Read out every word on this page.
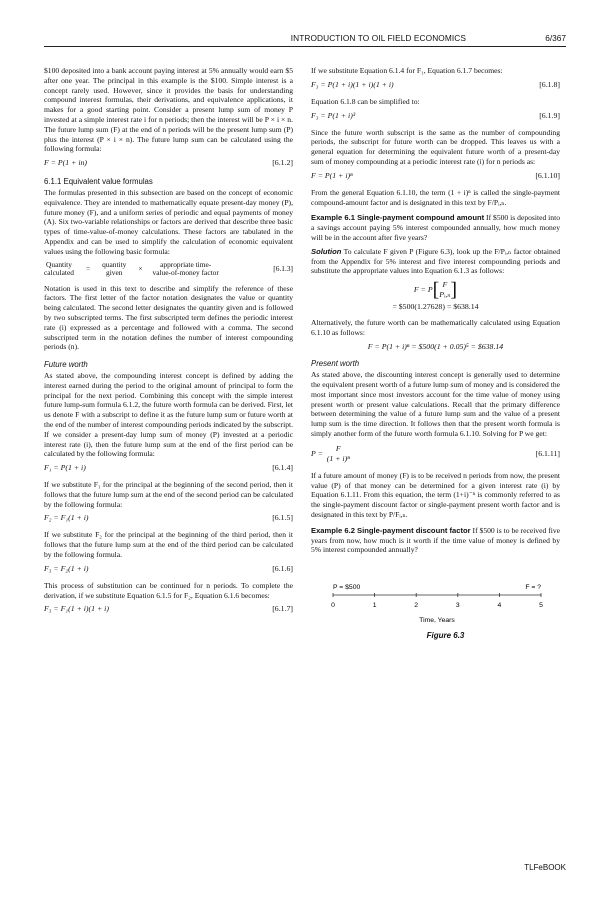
INTRODUCTION TO OIL FIELD ECONOMICS	6/367

$100 deposited into a bank account paying interest at 5% annually would earn $5 after one year. The principal in this example is the $100. Simple interest is a concept rarely used. However, since it provides the basis for understanding compound interest formulas, their derivations, and equivalence applications, it makes for a good starting point. Consider a present lump sum of money P invested at a simple interest rate i for n periods; then the interest will be P × i × n. The future lump sum (F) at the end of n periods will be the present lump sum (P) plus the interest (P × i × n). The future lump sum can be calculated using the following formula:

F = P(1 + in)	[6.1.2]
6.1.1 Equivalent value formulas

The formulas presented in this subsection are based on the concept of economic equivalence. They are intended to mathematically equate present-day money (P), future money (F), and a uniform series of periodic and equal payments of money (A). Six two-variable relationships or factors are derived that describe three basic types of time-value-of-money calculations. These factors are tabulated in the Appendix and can be used to simplify the calculation of economic equivalent values using the following basic formula:

Quantity
calculated = quantity
given × appropriate time-
value-of-money factor	[6.1.3]

Notation is used in this text to describe and simplify the reference of these factors. The first letter of the factor notation designates the value or quantity being calculated. The second letter designates the quantity given and is followed by two subscripted terms. The first subscripted term defines the periodic interest rate (i) expressed as a percentage and followed with a comma. The second subscripted term in the notation defines the number of interest compounding periods (n).

Future worth

As stated above, the compounding interest concept is defined by adding the interest earned during the period to the original amount of principal to form the principal for the next period. Combining this concept with the simple interest future lump-sum formula 6.1.2, the future worth formula can be derived. First, let us denote F with a subscript to define it as the future lump sum or future worth at the end of the number of interest compounding periods indicated by the subscript. If we consider a present-day lump sum of money (P) invested at a periodic interest rate (i), then the future lump sum at the end of the first period can be calculated by the following formula:

F₁ = P(1 + i)	[6.1.4]

If we substitute F₁ for the principal at the beginning of the second period, then it follows that the future lump sum at the end of the second period can be calculated by the following formula:

F₂ = F₁(1 + i)	[6.1.5]

If we substitute F₂ for the principal at the beginning of the third period, then it follows that the future lump sum at the end of the third period can be calculated by the following formula.

F₃ = F₂(1 + i)	[6.1.6]

This process of substitution can be continued for n periods. To complete the derivation, if we substitute Equation 6.1.5 for F₂, Equation 6.1.6 becomes:

F₃ = F₁(1 + i)(1 + i)	[6.1.7]

If we substitute Equation 6.1.4 for F₁, Equation 6.1.7 becomes:

F₃ = P(1 + i)(1 + i)(1 + i)	[6.1.8]

Equation 6.1.8 can be simplified to:

F₃ = P(1 + i)³	[6.1.9]

Since the future worth subscript is the same as the number of compounding periods, the subscript for future worth can be dropped. This leaves us with a general equation for determining the equivalent future worth of a present-day sum of money compounding at a periodic interest rate (i) for n periods as:

F = P(1 + i)ⁿ	[6.1.10]

From the general Equation 6.1.10, the term (1 + i)ⁿ is called the single-payment compound-amount factor and is designated in this text by F/Pᵢ,ₙ.

Example 6.1 Single-payment compound amount If $500 is deposited into a savings account paying 5% interest compounded annually, how much money will be in the account after five years?

Solution To calculate F given P (Figure 6.3), look up the F/Pᵢ,ₙ factor obtained from the Appendix for 5% interest and five interest compounding periods and substitute the appropriate values into Equation 6.1.3 as follows:

F = P [ F
Pᵢ,ₙ ]
= $500(1.27628) = $638.14

Alternatively, the future worth can be mathematically calculated using Equation 6.1.10 as follows:

F = P(1 + i)ⁿ = $500(1 + 0.05)⁵ = $638.14
Present worth

As stated above, the discounting interest concept is generally used to determine the equivalent present worth of a future lump sum of money and is considered the most important since most investors account for the time value of money using present worth or present value calculations. Recall that the primary difference between determining the value of a future lump sum and the value of a present lump sum is the time direction. It follows then that the present worth formula is simply another form of the future worth formula 6.1.10. Solving for P we get:

P =
F
(1 + i)ⁿ
[6.1.11]

If a future amount of money (F) is to be received n periods from now, the present value (P) of that money can be determined for a given interest rate (i) by Equation 6.1.11. From this equation, the term (1+i)⁻ⁿ is commonly referred to as the single-payment discount factor or single-payment present worth factor and is designated in this text by P/Fᵢ,ₙ.

Example 6.2 Single-payment discount factor If $500 is to be received five years from now, how much is it worth if the time value of money is defined by 5% interest compounded annually?

0	1	2	3	4	5
P = $500	F = ?
Time, Years
Figure 6.3
TLFeBOOK
